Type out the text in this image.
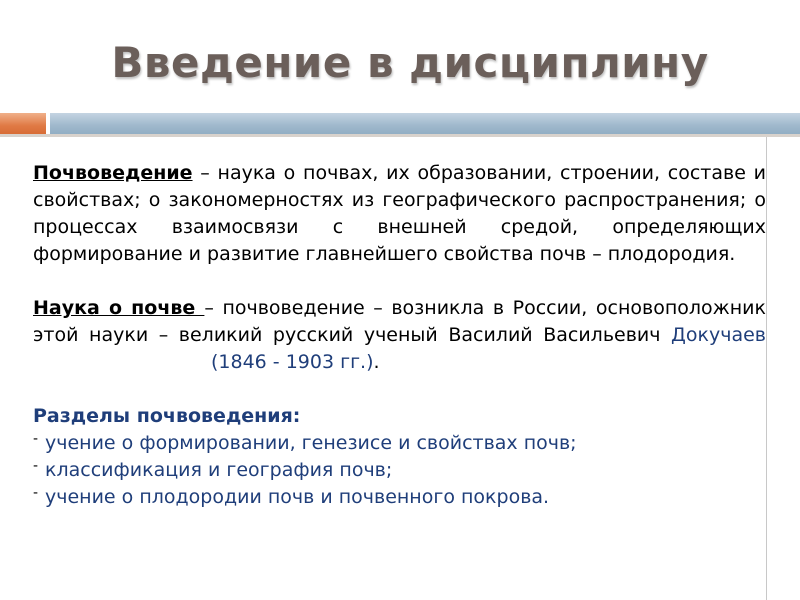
Введение в дисциплину

Почвоведение – наука о почвах, их образовании, строении, составе и свойствах; о закономерностях из географического распространения; о процессах взаимосвязи с внешней средой, определяющих формирование и развитие главнейшего свойства почв – плодородия.

Наука о почве – почвоведение – возникла в России, основоположник этой науки – великий русский ученый Василий Васильевич Докучаев(1846 - 1903 гг.).

Разделы почвоведения:

- учение о формировании, генезисе и свойствах почв;
- классификация и география почв;
- учение о плодородии почв и почвенного покрова.
